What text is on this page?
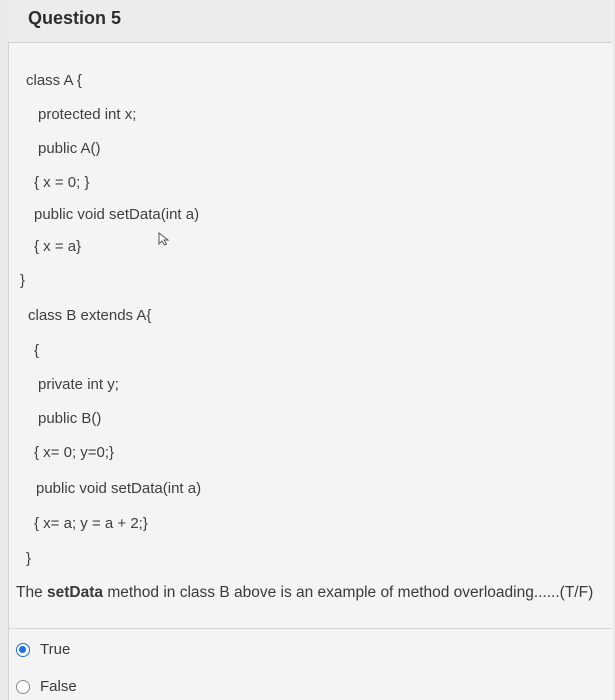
Question 5
class A {
protected int x;
public A()
{ x = 0; }
public void setData(int a)
{ x = a}
}
class B extends A{
{
private int y;
public B()
{ x= 0; y=0;}
public void setData(int a)
{ x= a; y = a + 2;}
}
The setData method in class B above is an example of method overloading......(T/F)
True
False
